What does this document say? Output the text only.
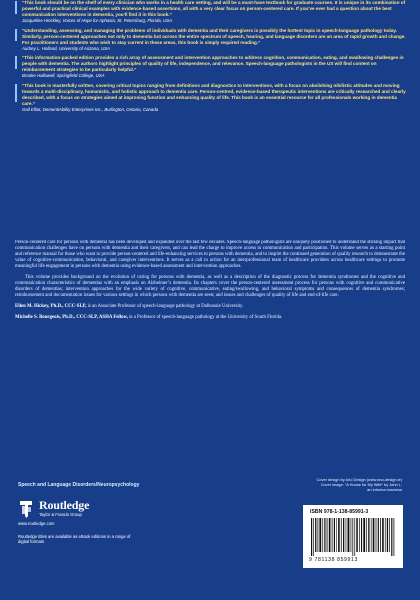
“This book should be on the shelf of every clinician who works in a health care setting, and will be a must-have textbook for graduate courses. It is unique in its combination of powerful and practical clinical examples with evidence-based assertions, all with a very clear focus on person-centered care. If you’ve ever had a question about the best communication interventions in dementia, you’ll find it in this book.”
Jacqueline Hinckley, Voices of Hope for Aphasia, St. Petersburg, Florida, USA
“Understanding, assessing, and managing the problems of individuals with dementia and their caregivers is possibly the hottest topic in speech-language pathology today. Similarly, person-centered approaches not only to dementia but across the entire spectrum of speech, hearing, and language disorders are an area of rapid growth and change. For practitioners and students who wish to stay current in these areas, this book is simply required reading.”
Audrey L. Holland, University of Arizona, USA
“This information-packed edition provides a rich array of assessment and intervention approaches to address cognition, communication, eating, and swallowing challenges in people with dementia. The authors highlight principles of quality of life, independence, and relevance. Speech-language pathologists in the US will find content on reimbursement strategies to be particularly helpful.”
Brooke Hallowell, Springfield College, USA
“This book is masterfully written, covering critical topics ranging from definitions and diagnostics to interventions, with a focus on abolishing nihilistic attitudes and moving towards a multi-disciplinary, humanistic, and holistic approach to dementia care. Person-centred, evidence-based therapeutic interventions are critically researched and clearly described, with a focus on strategies aimed at improving function and enhancing quality of life. This book is an essential resource for all professionals working in dementia care.”
Gail Elliot, DementiAbility Enterprises Inc., Burlington, Ontario, Canada

Person-centered care for persons with dementia has been developed and expanded over the last few decades. Speech-language pathologists are uniquely positioned to understand the striking impact that communication challenges have on persons with dementia and their caregivers, and can lead the charge to improve access to communication and participation. This volume serves as a starting point and reference manual for those who want to provide person-centered and life-enhancing services to persons with dementia, and to inspire the continued generation of quality research to demonstrate the value of cognitive-communication, behavioral, and caregiver interventions. It serves as a call to action for an interprofessional team of healthcare providers across healthcare settings to promote meaningful life engagement in persons with dementia using evidence-based assessment and intervention approaches.

This volume provides background on the evolution of caring for persons with dementia, as well as a description of the diagnostic process for dementia syndromes and the cognitive and communication characteristics of dementias with an emphasis on Alzheimer’s dementia. Its chapters cover the person-centered assessment process for persons with cognitive and communicative disorders of dementias; intervention approaches for the wide variety of cognitive, communicative, eating/swallowing, and behavioral symptoms and consequences of dementia syndromes; reimbursement and documentation issues for various settings in which persons with dementia are seen; and issues and challenges of quality of life and end-of-life care.

Ellen M. Hickey, Ph.D., CCC-SLP, is an Associate Professor of speech-language pathology at Dalhousie University.

Michelle S. Bourgeois, Ph.D., CCC-SLP, ASHA Fellow, is a Professor of speech-language pathology at the University of South Florida.

Speech and Language Disorders/Neuropsychology
Cover design by Anú Design (www.anu-design.ie)
Cover image: “A House for My Wife” by John L.
an informa business
Routledge
Taylor & Francis Group
www.routledge.com
Routledge titles are available as eBook editions in a range of digital formats
ISBN 978-1-138-85991-3
9 781138 859913
